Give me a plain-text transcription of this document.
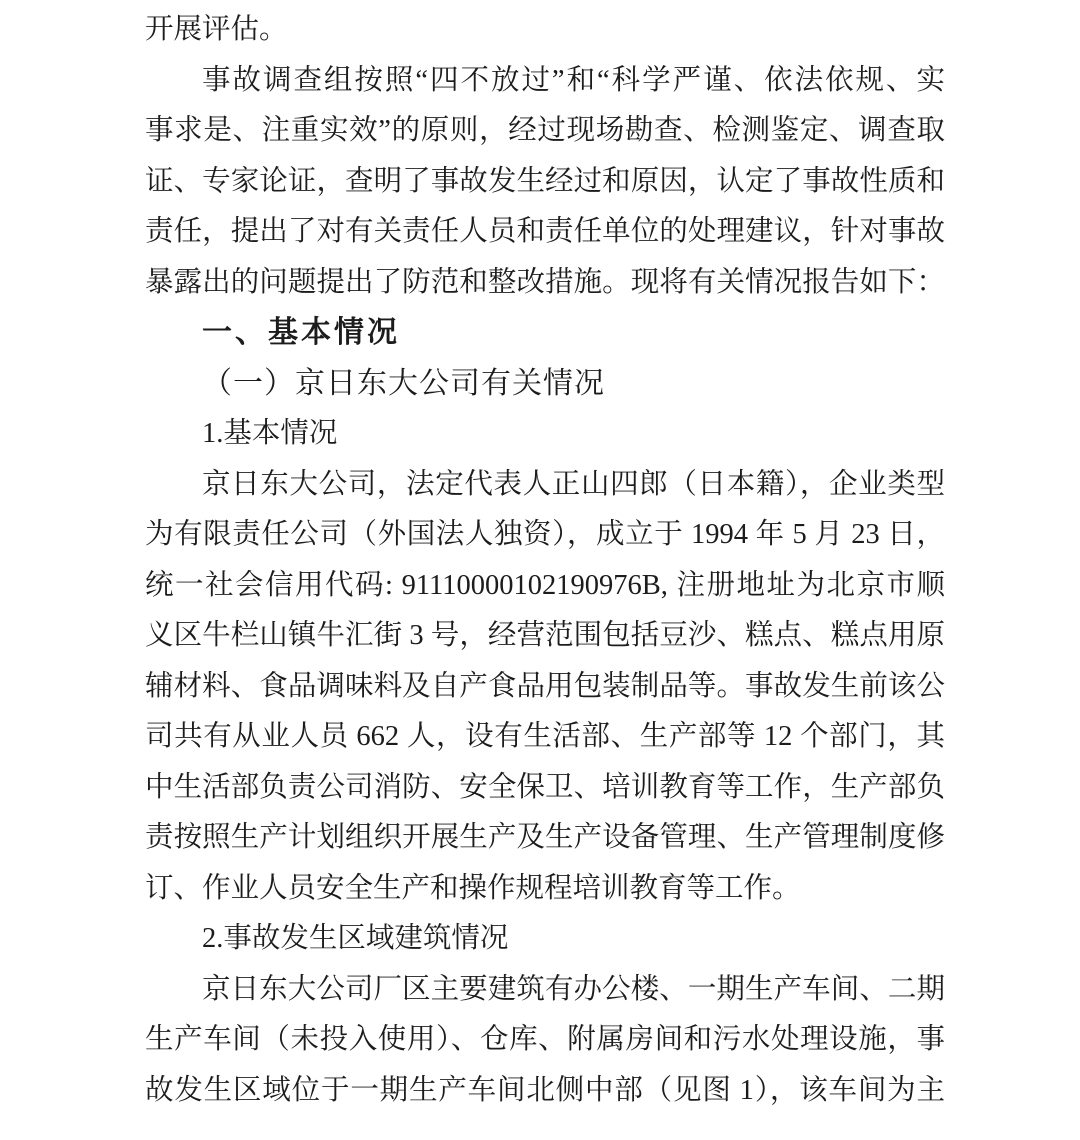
开展评估。
事故调查组按照“四不放过”和“科学严谨、依法依规、实
事求是、注重实效”的原则，经过现场勘查、检测鉴定、调查取
证、专家论证，查明了事故发生经过和原因，认定了事故性质和
责任，提出了对有关责任人员和责任单位的处理建议，针对事故
暴露出的问题提出了防范和整改措施。现将有关情况报告如下：
一、基本情况
（一）京日东大公司有关情况
1.基本情况
京日东大公司，法定代表人正山四郎（日本籍），企业类型
为有限责任公司（外国法人独资），成立于 1994 年 5 月 23 日，
统一社会信用代码: 91110000102190976B, 注册地址为北京市顺
义区牛栏山镇牛汇街 3 号，经营范围包括豆沙、糕点、糕点用原
辅材料、食品调味料及自产食品用包装制品等。事故发生前该公
司共有从业人员 662 人，设有生活部、生产部等 12 个部门，其
中生活部负责公司消防、安全保卫、培训教育等工作，生产部负
责按照生产计划组织开展生产及生产设备管理、生产管理制度修
订、作业人员安全生产和操作规程培训教育等工作。
2.事故发生区域建筑情况
京日东大公司厂区主要建筑有办公楼、一期生产车间、二期
生产车间（未投入使用）、仓库、附属房间和污水处理设施，事
故发生区域位于一期生产车间北侧中部（见图 1），该车间为主
